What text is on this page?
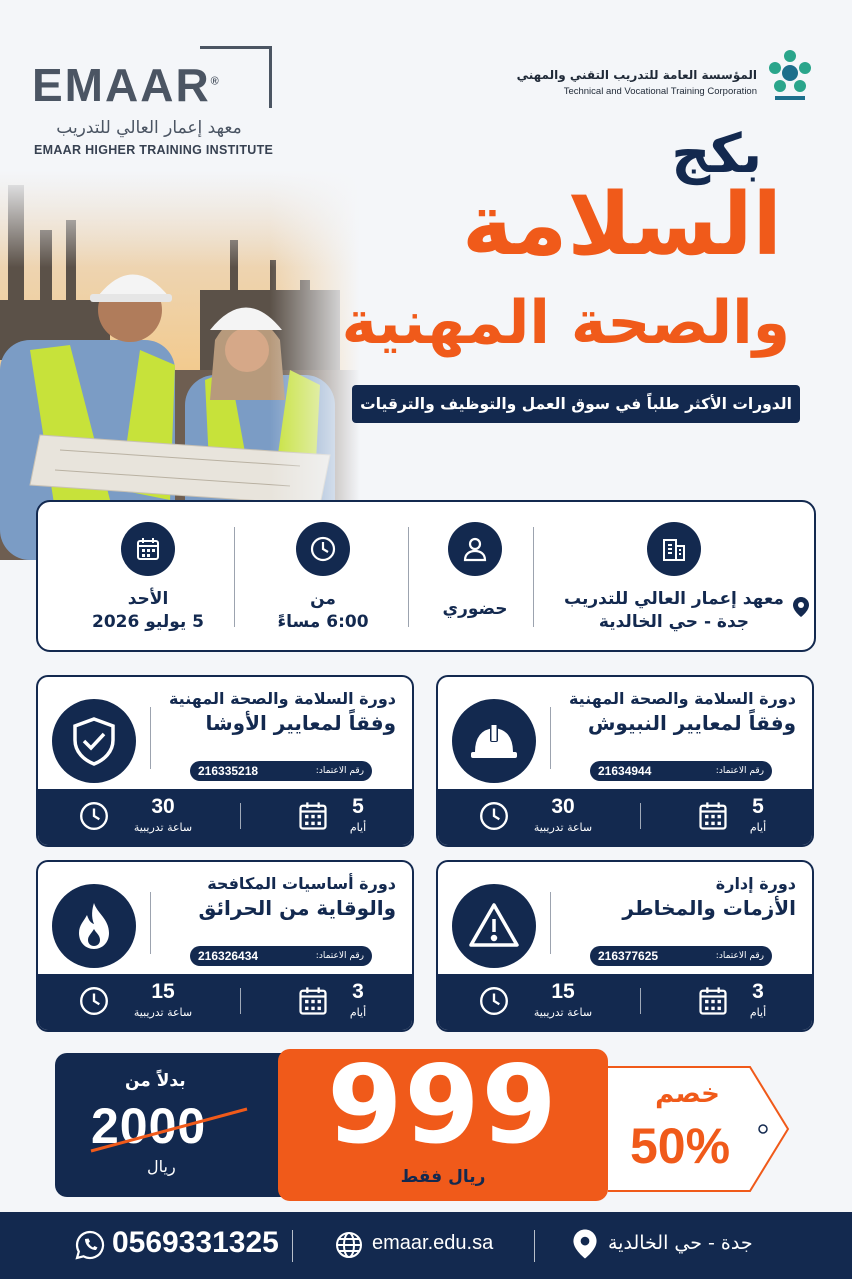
EMAAR®
معهد إعمار العالي للتدريب
EMAAR HIGHER TRAINING INSTITUTE
المؤسسة العامة للتدريب التقني والمهني
Technical and Vocational Training Corporation
بكج
السلامة
والصحة المهنية
الدورات الأكثر طلباً في سوق العمل والتوظيف والترقيات
معهد إعمار العالي للتدريب
جدة - حي الخالدية
حضوري
من
6:00 مساءً
الأحد
5 يوليو 2026
دورة السلامة والصحة المهنية
وفقاً لمعايير النبيوش
رقم الاعتماد:
21634944
5
أيام
30
ساعة تدريبية
دورة السلامة والصحة المهنية
وفقاً لمعايير الأوشا
رقم الاعتماد:
216335218
5
أيام
30
ساعة تدريبية
دورة إدارة
الأزمات والمخاطر
رقم الاعتماد:
216377625
3
أيام
15
ساعة تدريبية
دورة أساسيات المكافحة
والوقاية من الحرائق
رقم الاعتماد:
216326434
3
أيام
15
ساعة تدريبية
بدلاً من
2000
ريال	999
ريال فقط
خصم
50%
0569331325	emaar.edu.sa	جدة - حي الخالدية
